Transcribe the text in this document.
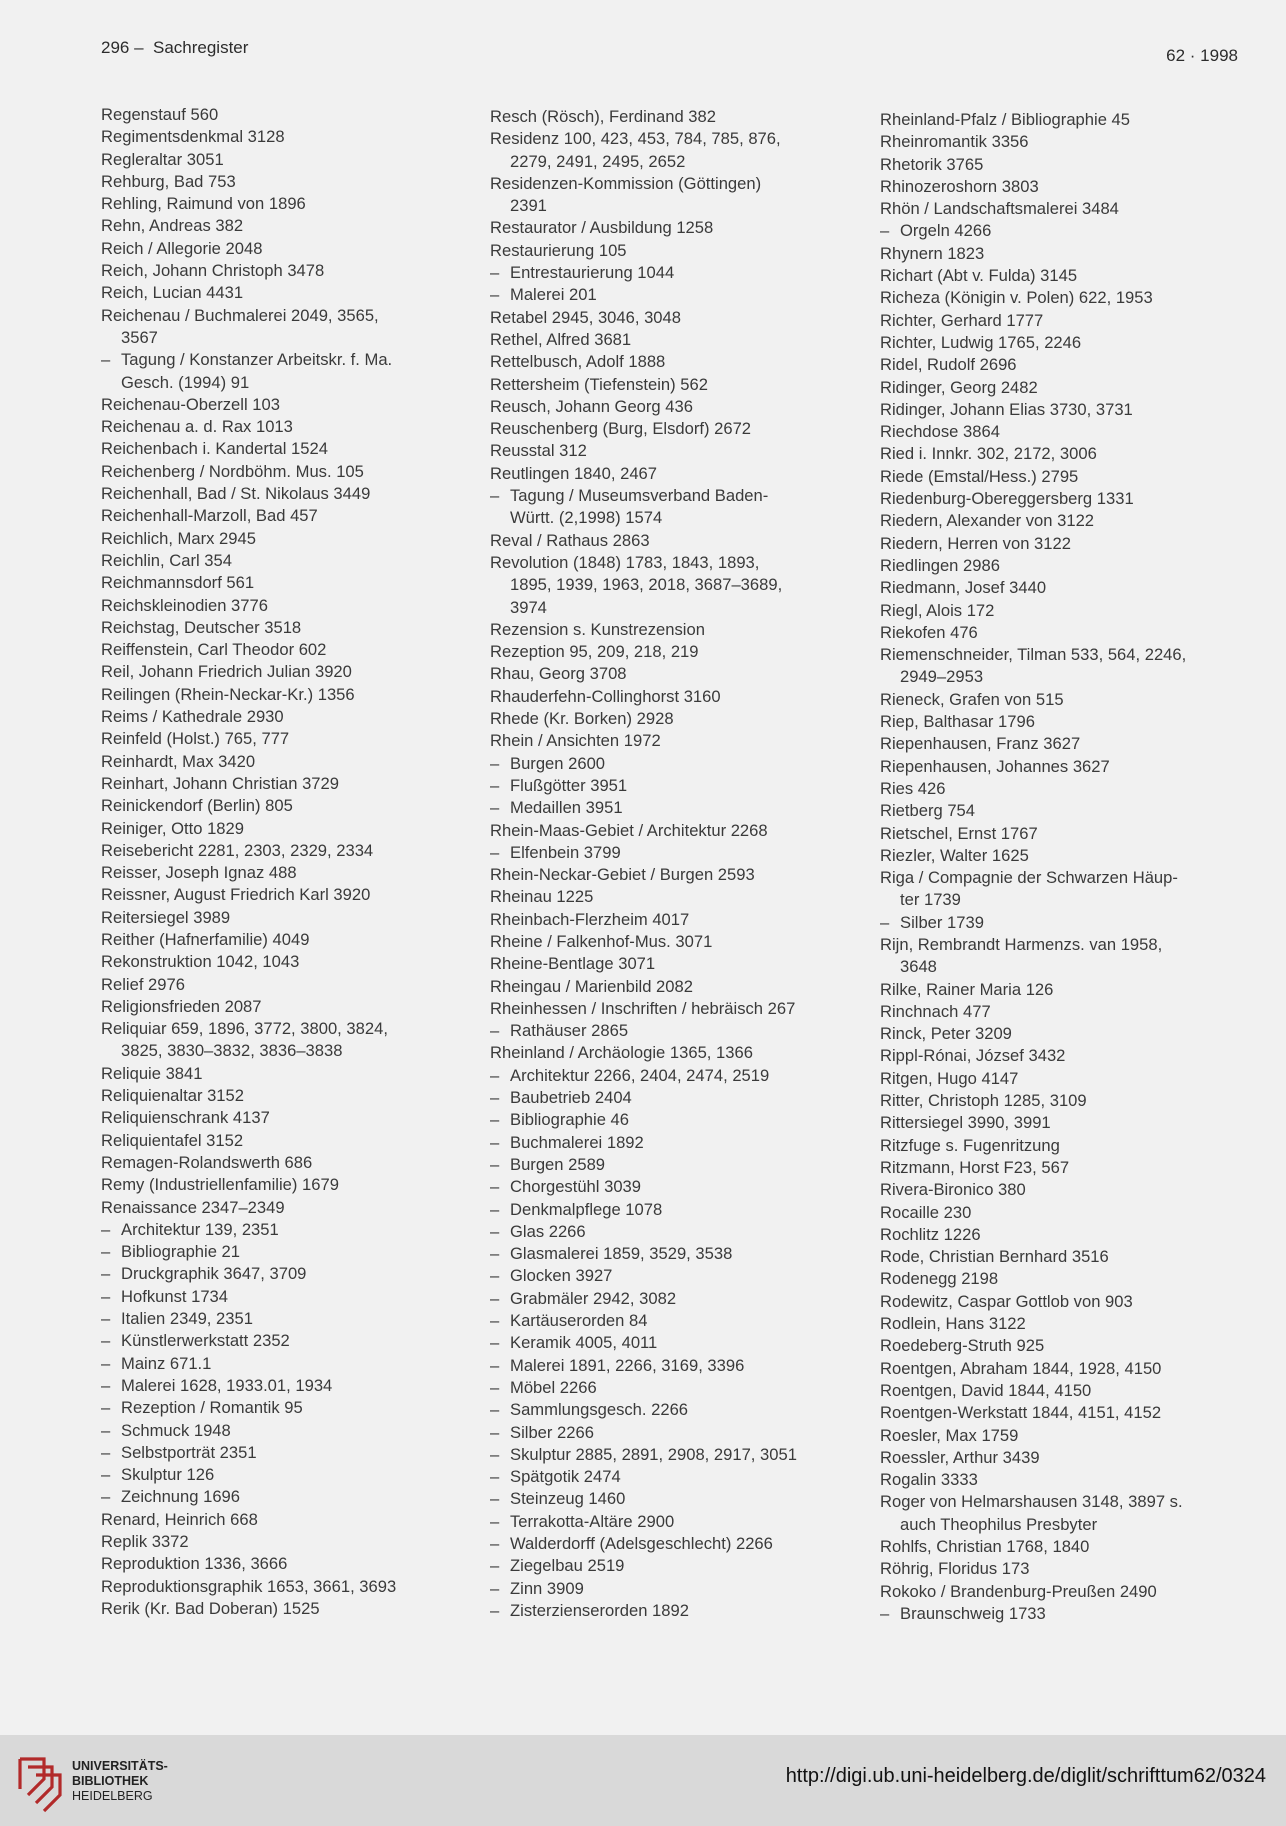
296 –  Sachregister	62 · 1998
Regenstauf 560
Regimentsdenkmal 3128
Regleraltar 3051
Rehburg, Bad 753
Rehling, Raimund von 1896
Rehn, Andreas 382
Reich / Allegorie 2048
Reich, Johann Christoph 3478
Reich, Lucian 4431
Reichenau / Buchmalerei 2049, 3565,
3567
– Tagung / Konstanzer Arbeitskr. f. Ma.
Gesch. (1994) 91
Reichenau-Oberzell 103
Reichenau a. d. Rax 1013
Reichenbach i. Kandertal 1524
Reichenberg / Nordböhm. Mus. 105
Reichenhall, Bad / St. Nikolaus 3449
Reichenhall-Marzoll, Bad 457
Reichlich, Marx 2945
Reichlin, Carl 354
Reichmannsdorf 561
Reichskleinodien 3776
Reichstag, Deutscher 3518
Reiffenstein, Carl Theodor 602
Reil, Johann Friedrich Julian 3920
Reilingen (Rhein-Neckar-Kr.) 1356
Reims / Kathedrale 2930
Reinfeld (Holst.) 765, 777
Reinhardt, Max 3420
Reinhart, Johann Christian 3729
Reinickendorf (Berlin) 805
Reiniger, Otto 1829
Reisebericht 2281, 2303, 2329, 2334
Reisser, Joseph Ignaz 488
Reissner, August Friedrich Karl 3920
Reitersiegel 3989
Reither (Hafnerfamilie) 4049
Rekonstruktion 1042, 1043
Relief 2976
Religionsfrieden 2087
Reliquiar 659, 1896, 3772, 3800, 3824,
3825, 3830–3832, 3836–3838
Reliquie 3841
Reliquienaltar 3152
Reliquienschrank 4137
Reliquientafel 3152
Remagen-Rolandswerth 686
Remy (Industriellenfamilie) 1679
Renaissance 2347–2349
– Architektur 139, 2351
– Bibliographie 21
– Druckgraphik 3647, 3709
– Hofkunst 1734
– Italien 2349, 2351
– Künstlerwerkstatt 2352
– Mainz 671.1
– Malerei 1628, 1933.01, 1934
– Rezeption / Romantik 95
– Schmuck 1948
– Selbstporträt 2351
– Skulptur 126
– Zeichnung 1696
Renard, Heinrich 668
Replik 3372
Reproduktion 1336, 3666
Reproduktionsgraphik 1653, 3661, 3693
Rerik (Kr. Bad Doberan) 1525
Resch (Rösch), Ferdinand 382
Residenz 100, 423, 453, 784, 785, 876,
2279, 2491, 2495, 2652
Residenzen-Kommission (Göttingen)
2391
Restaurator / Ausbildung 1258
Restaurierung 105
– Entrestaurierung 1044
– Malerei 201
Retabel 2945, 3046, 3048
Rethel, Alfred 3681
Rettelbusch, Adolf 1888
Rettersheim (Tiefenstein) 562
Reusch, Johann Georg 436
Reuschenberg (Burg, Elsdorf) 2672
Reusstal 312
Reutlingen 1840, 2467
– Tagung / Museumsverband Baden-
Württ. (2,1998) 1574
Reval / Rathaus 2863
Revolution (1848) 1783, 1843, 1893,
1895, 1939, 1963, 2018, 3687–3689,
3974
Rezension s. Kunstrezension
Rezeption 95, 209, 218, 219
Rhau, Georg 3708
Rhauderfehn-Collinghorst 3160
Rhede (Kr. Borken) 2928
Rhein / Ansichten 1972
– Burgen 2600
– Flußgötter 3951
– Medaillen 3951
Rhein-Maas-Gebiet / Architektur 2268
– Elfenbein 3799
Rhein-Neckar-Gebiet / Burgen 2593
Rheinau 1225
Rheinbach-Flerzheim 4017
Rheine / Falkenhof-Mus. 3071
Rheine-Bentlage 3071
Rheingau / Marienbild 2082
Rheinhessen / Inschriften / hebräisch 267
– Rathäuser 2865
Rheinland / Archäologie 1365, 1366
– Architektur 2266, 2404, 2474, 2519
– Baubetrieb 2404
– Bibliographie 46
– Buchmalerei 1892
– Burgen 2589
– Chorgestühl 3039
– Denkmalpflege 1078
– Glas 2266
– Glasmalerei 1859, 3529, 3538
– Glocken 3927
– Grabmäler 2942, 3082
– Kartäuserorden 84
– Keramik 4005, 4011
– Malerei 1891, 2266, 3169, 3396
– Möbel 2266
– Sammlungsgesch. 2266
– Silber 2266
– Skulptur 2885, 2891, 2908, 2917, 3051
– Spätgotik 2474
– Steinzeug 1460
– Terrakotta-Altäre 2900
– Walderdorff (Adelsgeschlecht) 2266
– Ziegelbau 2519
– Zinn 3909
– Zisterzienserorden 1892
Rheinland-Pfalz / Bibliographie 45
Rheinromantik 3356
Rhetorik 3765
Rhinozeroshorn 3803
Rhön / Landschaftsmalerei 3484
– Orgeln 4266
Rhynern 1823
Richart (Abt v. Fulda) 3145
Richeza (Königin v. Polen) 622, 1953
Richter, Gerhard 1777
Richter, Ludwig 1765, 2246
Ridel, Rudolf 2696
Ridinger, Georg 2482
Ridinger, Johann Elias 3730, 3731
Riechdose 3864
Ried i. Innkr. 302, 2172, 3006
Riede (Emstal/Hess.) 2795
Riedenburg-Obereggersberg 1331
Riedern, Alexander von 3122
Riedern, Herren von 3122
Riedlingen 2986
Riedmann, Josef 3440
Riegl, Alois 172
Riekofen 476
Riemenschneider, Tilman 533, 564, 2246,
2949–2953
Rieneck, Grafen von 515
Riep, Balthasar 1796
Riepenhausen, Franz 3627
Riepenhausen, Johannes 3627
Ries 426
Rietberg 754
Rietschel, Ernst 1767
Riezler, Walter 1625
Riga / Compagnie der Schwarzen Häup-
ter 1739
– Silber 1739
Rijn, Rembrandt Harmenzs. van 1958,
3648
Rilke, Rainer Maria 126
Rinchnach 477
Rinck, Peter 3209
Rippl-Rónai, József 3432
Ritgen, Hugo 4147
Ritter, Christoph 1285, 3109
Rittersiegel 3990, 3991
Ritzfuge s. Fugenritzung
Ritzmann, Horst F23, 567
Rivera-Bironico 380
Rocaille 230
Rochlitz 1226
Rode, Christian Bernhard 3516
Rodenegg 2198
Rodewitz, Caspar Gottlob von 903
Rodlein, Hans 3122
Roedeberg-Struth 925
Roentgen, Abraham 1844, 1928, 4150
Roentgen, David 1844, 4150
Roentgen-Werkstatt 1844, 4151, 4152
Roesler, Max 1759
Roessler, Arthur 3439
Rogalin 3333
Roger von Helmarshausen 3148, 3897 s.
auch Theophilus Presbyter
Rohlfs, Christian 1768, 1840
Röhrig, Floridus 173
Rokoko / Brandenburg-Preußen 2490
– Braunschweig 1733
UNIVERSITÄTS-
BIBLIOTHEK
HEIDELBERG
http://digi.ub.uni-heidelberg.de/diglit/schrifttum62/0324
